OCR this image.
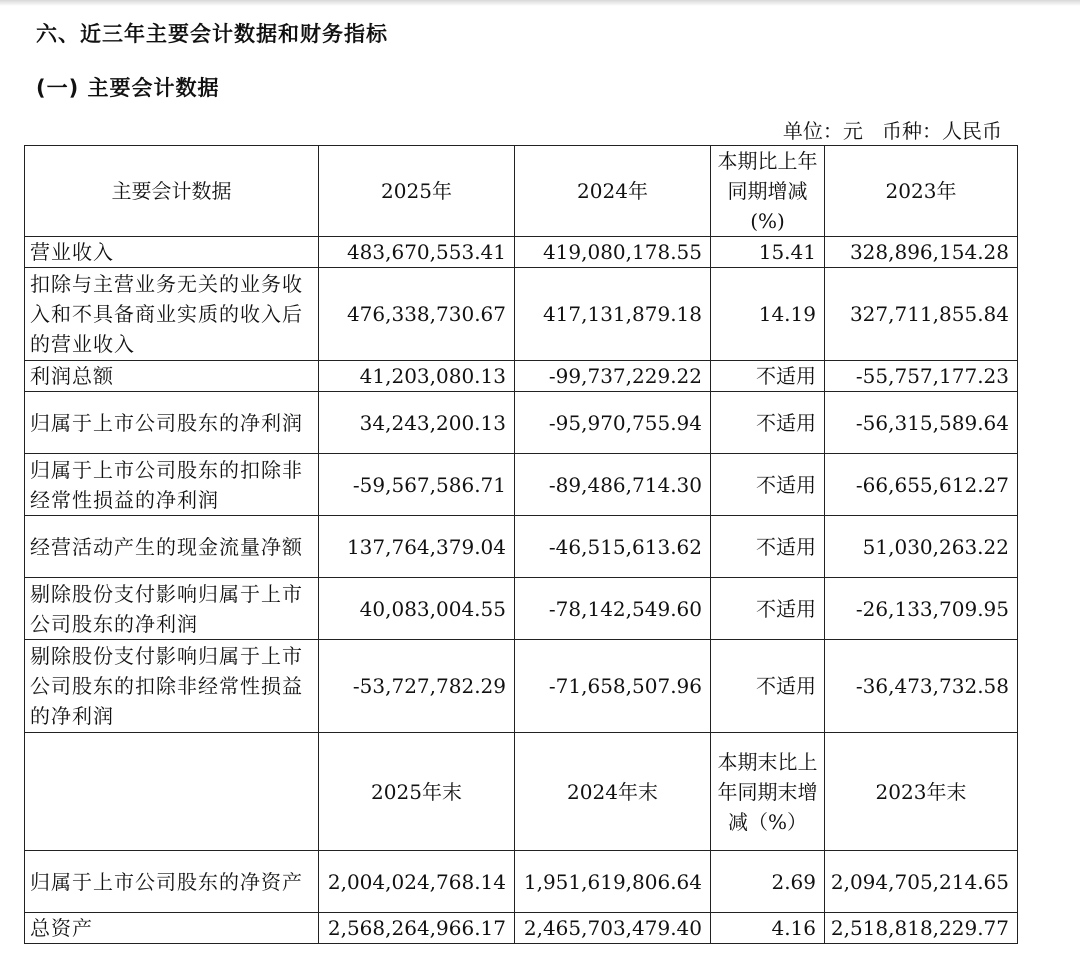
六、近三年主要会计数据和财务指标
(一) 主要会计数据
单位：元 币种：人民币
主要会计数据	2025年	2024年	本期比上年同期增减(%)	2023年
营业收入	483,670,553.41	419,080,178.55	15.41	328,896,154.28
扣除与主营业务无关的业务收入和不具备商业实质的收入后的营业收入	476,338,730.67	417,131,879.18	14.19	327,711,855.84
利润总额	41,203,080.13	-99,737,229.22	不适用	-55,757,177.23
归属于上市公司股东的净利润	34,243,200.13	-95,970,755.94	不适用	-56,315,589.64
归属于上市公司股东的扣除非经常性损益的净利润	-59,567,586.71	-89,486,714.30	不适用	-66,655,612.27
经营活动产生的现金流量净额	137,764,379.04	-46,515,613.62	不适用	51,030,263.22
剔除股份支付影响归属于上市公司股东的净利润	40,083,004.55	-78,142,549.60	不适用	-26,133,709.95
剔除股份支付影响归属于上市公司股东的扣除非经常性损益的净利润	-53,727,782.29	-71,658,507.96	不适用	-36,473,732.58
	2025年末	2024年末	本期末比上年同期末增减（%）	2023年末
归属于上市公司股东的净资产	2,004,024,768.14	1,951,619,806.64	2.69	2,094,705,214.65
总资产	2,568,264,966.17	2,465,703,479.40	4.16	2,518,818,229.77
